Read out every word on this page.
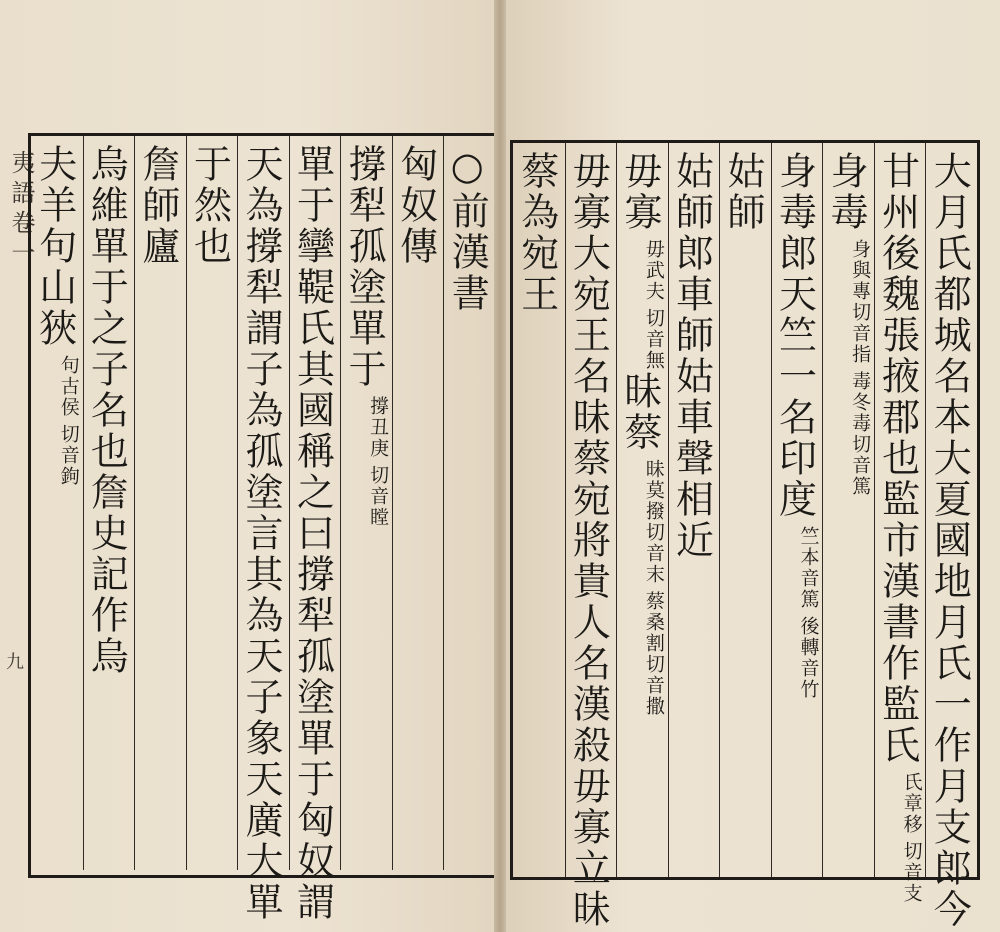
夷語卷一
九
○前漢書
匈奴傳
撐犁孤塗單于撐丑庚切音瞠
單于攣鞮氏其國稱之曰撐犁孤塗單于匈奴謂
天為撐犁謂子為孤塗言其為天子象天廣大單
于然也
詹師廬
烏維單于之子名也詹史記作烏
夫羊句山狹句古侯切音鉤	大月氏都城名本大夏國地月氏一作月支郎今
甘州後魏張掖郡也監市漢書作監氏氏章移切音支
身毒身與專切音指毒冬毒切音篤
身毒郎天竺一名印度竺本音篤後轉音竹
姑師
姑師郎車師姑車聲相近
毋寡毋武夫切音無昧蔡昧莫撥切音末蔡桑割切音撒
毋寡大宛王名昧蔡宛將貴人名漢殺毋寡立昧
蔡為宛王
